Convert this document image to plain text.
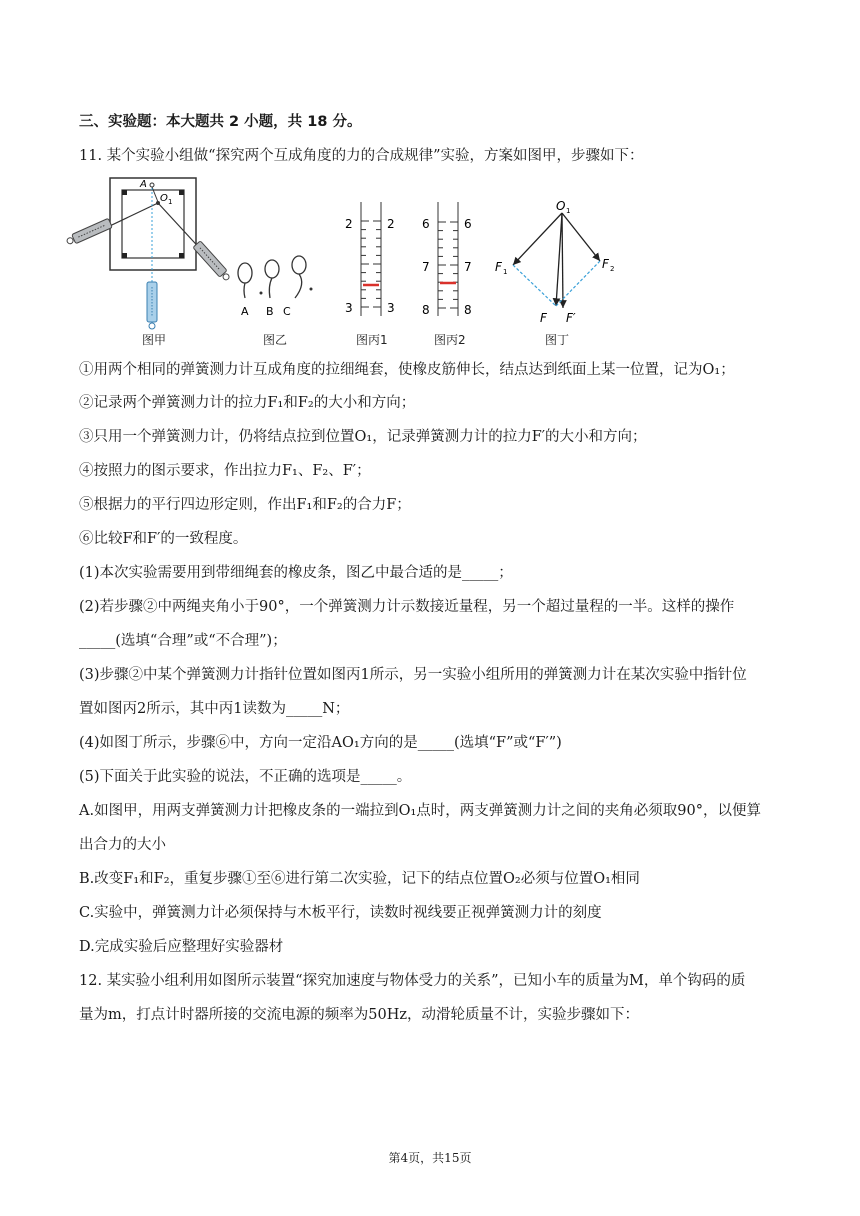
三、实验题：本大题共 2 小题，共 18 分。
11. 某个实验小组做“探究两个互成角度的力的合成规律”实验，方案如图甲，步骤如下：
A
O 1
图甲
A B C
图乙
2	2
3	3
图丙1
6	6
7	7
8	8
图丙2
O 1
F 1
F 2
F F′
图丁
①用两个相同的弹簧测力计互成角度的拉细绳套，使橡皮筋伸长，结点达到纸面上某一位置，记为O₁；
②记录两个弹簧测力计的拉力F₁和F₂的大小和方向；
③只用一个弹簧测力计，仍将结点拉到位置O₁，记录弹簧测力计的拉力F′的大小和方向；
④按照力的图示要求，作出拉力F₁、F₂、F′；
⑤根据力的平行四边形定则，作出F₁和F₂的合力F；
⑥比较F和F′的一致程度。
(1)本次实验需要用到带细绳套的橡皮条，图乙中最合适的是_____；
(2)若步骤②中两绳夹角小于90°，一个弹簧测力计示数接近量程，另一个超过量程的一半。这样的操作
_____(选填“合理”或“不合理”)；
(3)步骤②中某个弹簧测力计指针位置如图丙1所示，另一实验小组所用的弹簧测力计在某次实验中指针位
置如图丙2所示，其中丙1读数为_____N；
(4)如图丁所示，步骤⑥中，方向一定沿AO₁方向的是_____(选填“F”或“F′”)
(5)下面关于此实验的说法，不正确的选项是_____。
A.如图甲，用两支弹簧测力计把橡皮条的一端拉到O₁点时，两支弹簧测力计之间的夹角必须取90°，以便算
出合力的大小
B.改变F₁和F₂，重复步骤①至⑥进行第二次实验，记下的结点位置O₂必须与位置O₁相同
C.实验中，弹簧测力计必须保持与木板平行，读数时视线要正视弹簧测力计的刻度
D.完成实验后应整理好实验器材
12. 某实验小组利用如图所示装置“探究加速度与物体受力的关系”，已知小车的质量为M，单个钩码的质
量为m，打点计时器所接的交流电源的频率为50Hz，动滑轮质量不计，实验步骤如下：
第4页，共15页
